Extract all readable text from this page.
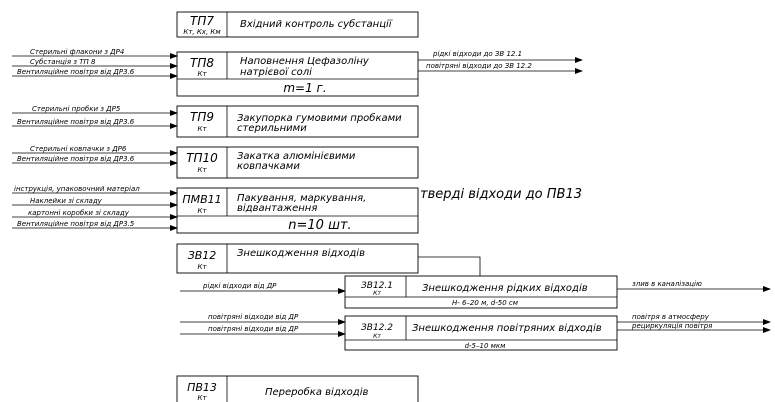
ТП7
Кт, Кх, Км
Вхідний контроль субстанції
ТП8
Кт
Наповнення Цефазоліну
натрієвої солі
m=1 г.
Стерильні флакони з ДР4
Субстанція з ТП 8
Вентиляційне повітря від ДР3.6
рідкі відходи до ЗВ 12.1
повітряні відходи до ЗВ 12.2
ТП9
Кт
Закупорка гумовими пробками
стерильними
Стерильні пробки з ДР5
Вентиляційне повітря від ДР3.6
ТП10
Кт
Закатка алюмінієвими
ковпачками
Стерильні ковпачки з ДР6
Вентиляційне повітря від ДР3.6
ПМВ11
Кт
Пакування, маркування,
відвантаження
n=10 шт.
інструкція, упаковочний матеріал
Наклейки зі складу
картонні коробки зі складу
Вентиляційне повітря від ДР3.5
тверді відходи до ПВ13
ЗВ12
Кт
Знешкодження відходів
ЗВ12.1
Кт	Знешкодження рідких відходів
H- 6–20 м, d-50 см
рідкі відходи від ДР	злив в каналізацію
ЗВ12.2
Кт
Знешкодження повітряних відходів
d-5–10 мкм
повітряні відходи від ДР
повітряні відходи від ДР
повітря в атмосферу
рециркуляція повітря
ПВ13
Кт	Переробка відходів
